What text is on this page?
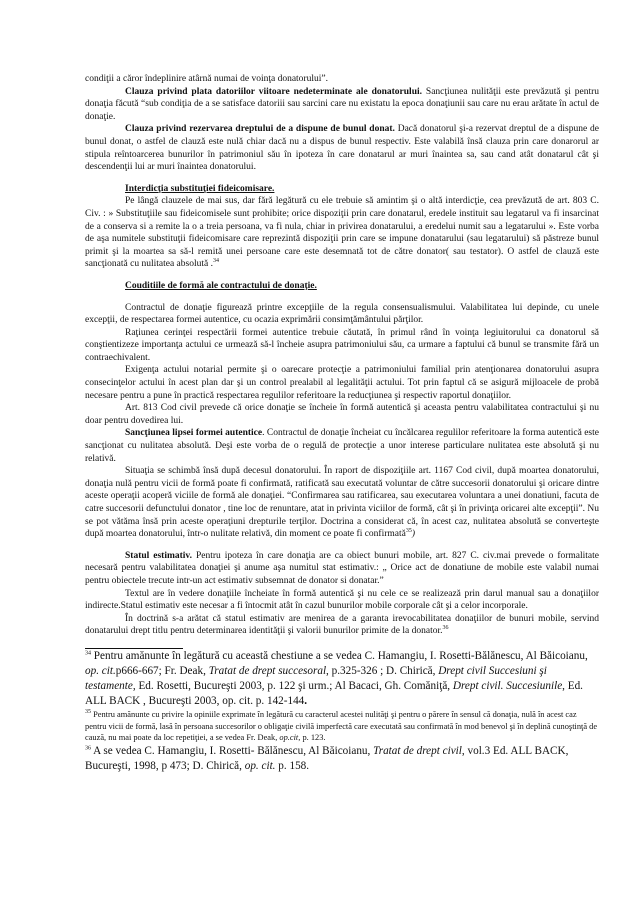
condiţii a căror îndeplinire atârnă numai de voinţa donatorului”.

Clauza privind plata datoriilor viitoare nedeterminate ale donatorului. Sancţiunea nulităţii este prevăzută şi pentru donaţia făcută “sub condiţia de a se satisface datoriii sau sarcini care nu existatu la epoca donaţiunii sau care nu erau arătate în actul de donaţie.

Clauza privind rezervarea dreptului de a dispune de bunul donat. Dacă donatorul şi-a rezervat dreptul de a dispune de bunul donat, o astfel de clauză este nulă chiar dacă nu a dispus de bunul respectiv. Este valabilă însă clauza prin care donarorul ar stipula reîntoarcerea bunurilor în patrimoniul său în ipoteza în care donatarul ar muri înaintea sa, sau cand atât donatarul cât şi descendenţii lui ar muri înaintea donatorului.

Interdicţia substituţiei fideicomisare.

Pe lângă clauzele de mai sus, dar fără legătură cu ele trebuie să amintim şi o altă interdicţie, cea prevăzută de art. 803 C. Civ. : » Substituţiile sau fideicomisele sunt prohibite; orice dispoziţii prin care donatarul, eredele instituit sau legatarul va fi insarcinat de a conserva si a remite la o a treia persoana, va fi nula, chiar in privirea donatarului, a eredelui numit sau a legatarului ». Este vorba de aşa numitele substituţii fideicomisare care reprezintă dispoziţii prin care se impune donatarului (sau legatarului) să păstreze bunul primit şi la moartea sa să-l remită unei persoane care este desemnată tot de către donator( sau testator). O astfel de clauză este sancţionată cu nulitatea absolută .$^{34}$

Couditiile de formă ale contractului de donaţie.

Contractul de donaţie figurează printre excepţiile de la regula consensualismului. Valabilitatea lui depinde, cu unele excepţii, de respectarea formei autentice, cu ocazia exprimării consimţământului părţilor.

Raţiunea cerinţei respectării formei autentice trebuie căutată, în primul rând în voinţa legiuitorului ca donatorul să conştientizeze importanţa actului ce urmează să-l încheie asupra patrimoniului său, ca urmare a faptului că bunul se transmite fără un contraechivalent.

Exigenţa actului notarial permite şi o oarecare protecţie a patrimoniului familial prin atenţionarea donatorului asupra consecinţelor actului în acest plan dar şi un control prealabil al legalităţii actului. Tot prin faptul că se asigură mijloacele de probă necesare pentru a pune în practică respectarea regulilor referitoare la reducţiunea şi respectiv raportul donaţiilor.

Art. 813 Cod civil prevede că orice donaţie se încheie în formă autentică şi aceasta pentru valabilitatea contractului şi nu doar pentru dovedirea lui.

Sancţiunea lipsei formei autentice. Contractul de donaţie încheiat cu încălcarea regulilor referitoare la forma autentică este sancţionat cu nulitatea absolută. Deşi este vorba de o regulă de protecţie a unor interese particulare nulitatea este absolută şi nu relativă.

Situaţia se schimbă însă după decesul donatorului. În raport de dispoziţiile art. 1167 Cod civil, după moartea donatorului, donaţia nulă pentru vicii de formă poate fi confirmată, ratificată sau executată voluntar de către succesorii donatorului şi oricare dintre aceste operaţii acoperă viciile de formă ale donaţiei. “Confirmarea sau ratificarea, sau executarea voluntara a unei donatiuni, facuta de catre succesorii defunctului donator , tine loc de renuntare, atat in privinta viciilor de formă, cât şi în privinţa oricarei alte excepţii”. Nu se pot vătăma însă prin aceste operaţiuni drepturile terţilor. Doctrina a considerat că, în acest caz, nulitatea absolută se converteşte după moartea donatorului, într-o nulitate relativă, din moment ce poate fi confirmată$^{35}$)

Statul estimativ. Pentru ipoteza în care donaţia are ca obiect bunuri mobile, art. 827 C. civ.mai prevede o formalitate necesară pentru valabilitatea donaţiei şi anume aşa numitul stat estimativ.: „ Orice act de donatiune de mobile este valabil numai pentru obiectele trecute intr-un act estimativ subsemnat de donator si donatar.”

Textul are în vedere donaţiile încheiate în formă autentică şi nu cele ce se realizează prin darul manual sau a donaţiilor indirecte.Statul estimativ este necesar a fi întocmit atât în cazul bunurilor mobile corporale cât şi a celor incorporale.

În doctrină s-a arătat că statul estimativ are menirea de a garanta irevocabilitatea donaţiilor de bunuri mobile, servind donatarului drept titlu pentru determinarea identităţii şi valorii bunurilor primite de la donator.$^{36}$

$^{34}$ Pentru amănunte în legătură cu această chestiune a se vedea C. Hamangiu, I. Rosetti-Bălănescu, Al Băicoianu, op. cit.p666-667; Fr. Deak, Tratat de drept succesoral, p.325-326 ; D. Chirică, Drept civil Succesiuni şi testamente, Ed. Rosetti, Bucureşti 2003, p. 122 şi urm.; Al Bacaci, Gh. Comăniţă, Drept civil. Succesiunile, Ed. ALL BACK , Bucureşti 2003, op. cit. p. 142-144.

$^{35}$ Pentru amănunte cu privire la opiniile exprimate în legătură cu caracterul acestei nulităţi şi pentru o părere în sensul că donaţia, nulă în acest caz pentru vicii de formă, lasă în persoana succesorilor o obligaţie civilă imperfectă care executată sau confirmată în mod benevol şi în deplină cunoştinţă de cauză, nu mai poate da loc repetiţiei, a se vedea Fr. Deak, op.cit, p. 123.

$^{36}$ A se vedea C. Hamangiu, I. Rosetti- Bălănescu, Al Băicoianu, Tratat de drept civil, vol.3 Ed. ALL BACK, Bucureşti, 1998, p 473; D. Chirică, op. cit. p. 158.
